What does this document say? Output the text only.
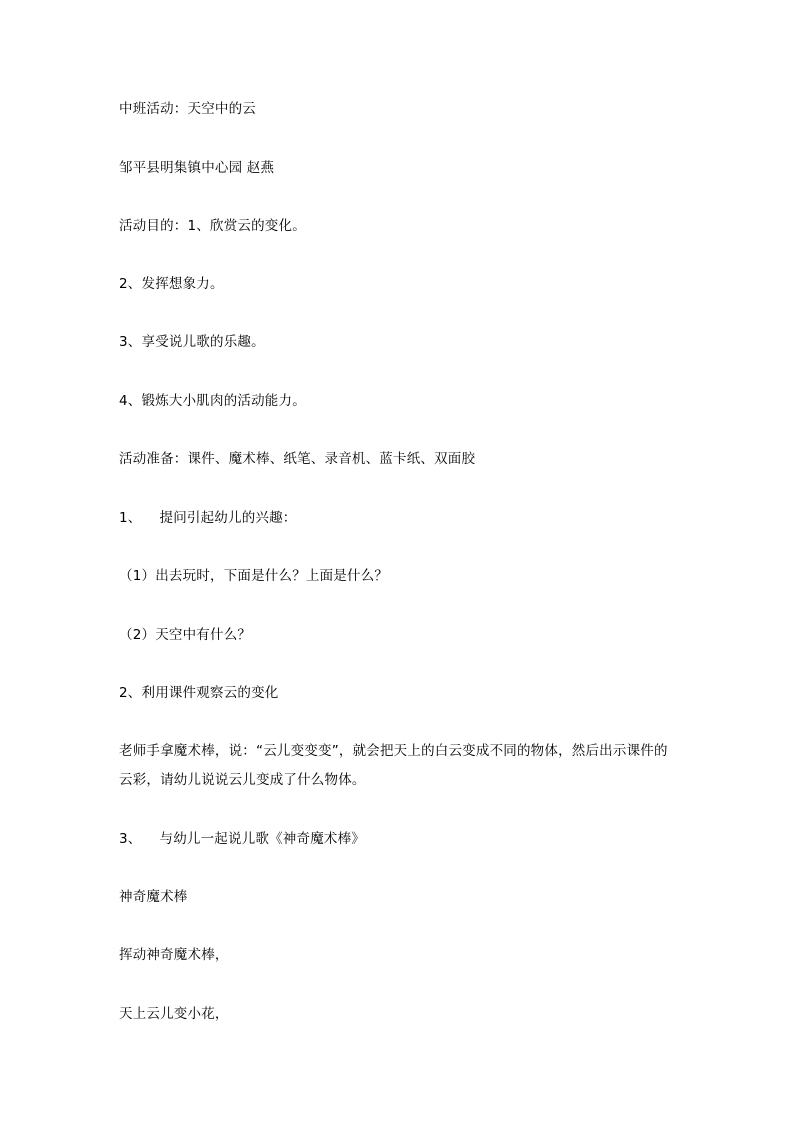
中班活动：天空中的云
邹平县明集镇中心园 赵燕
活动目的：1、欣赏云的变化。
2、发挥想象力。
3、享受说儿歌的乐趣。
4、锻炼大小肌肉的活动能力。
活动准备：课件、魔术棒、纸笔、录音机、蓝卡纸、双面胶
1、 提问引起幼儿的兴趣：
（1）出去玩时，下面是什么？上面是什么？
（2）天空中有什么？
2、利用课件观察云的变化
老师手拿魔术棒，说：“云儿变变变”，就会把天上的白云变成不同的物体，然后出示课件的
云彩，请幼儿说说云儿变成了什么物体。
3、 与幼儿一起说儿歌《神奇魔术棒》
神奇魔术棒
挥动神奇魔术棒，
天上云儿变小花，
